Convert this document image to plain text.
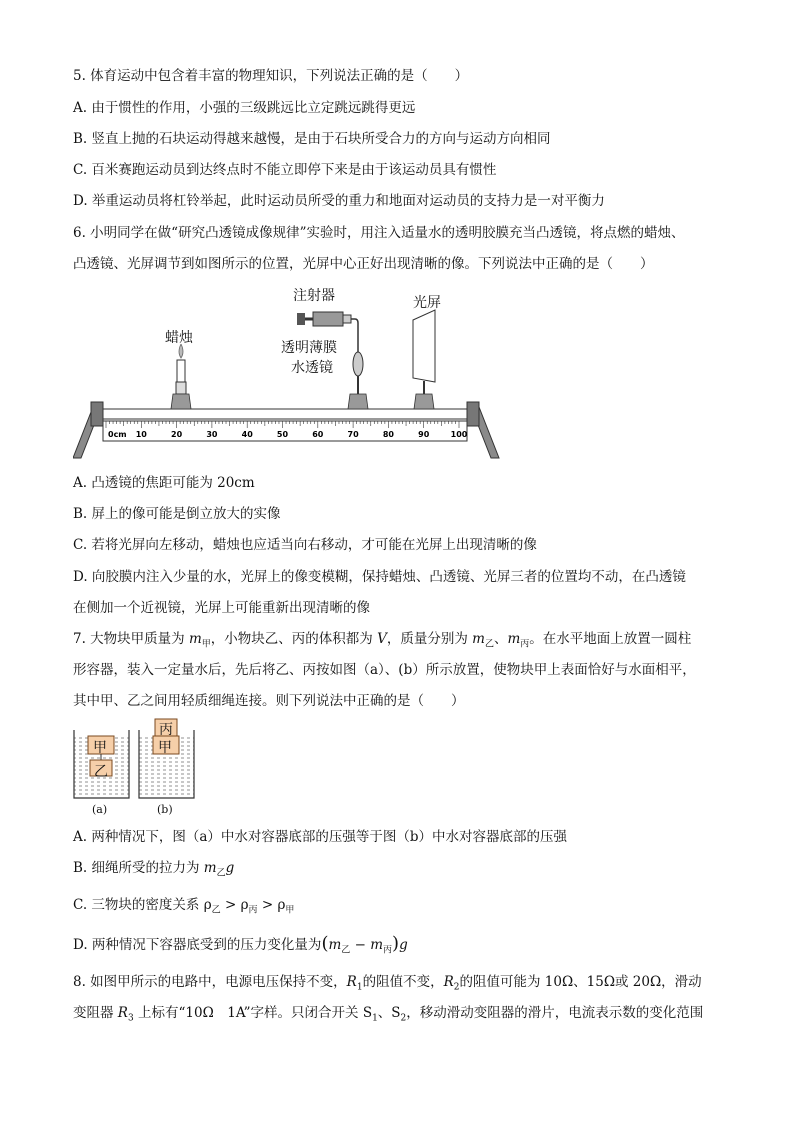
5. 体育运动中包含着丰富的物理知识，下列说法正确的是（　　）
A. 由于惯性的作用，小强的三级跳远比立定跳远跳得更远
B. 竖直上抛的石块运动得越来越慢，是由于石块所受合力的方向与运动方向相同
C. 百米赛跑运动员到达终点时不能立即停下来是由于该运动员具有惯性
D. 举重运动员将杠铃举起，此时运动员所受的重力和地面对运动员的支持力是一对平衡力
6. 小明同学在做“研究凸透镜成像规律”实验时，用注入适量水的透明胶膜充当凸透镜，将点燃的蜡烛、
凸透镜、光屏调节到如图所示的位置，光屏中心正好出现清晰的像。下列说法中正确的是（　　）
0cm 10	20	30	40	50	60	70	80	90	100
注射器	光屏
蜡烛
透明薄膜
水透镜
A. 凸透镜的焦距可能为 20cm
B. 屏上的像可能是倒立放大的实像
C. 若将光屏向左移动，蜡烛也应适当向右移动，才可能在光屏上出现清晰的像
D. 向胶膜内注入少量的水，光屏上的像变模糊，保持蜡烛、凸透镜、光屏三者的位置均不动，在凸透镜
在侧加一个近视镜，光屏上可能重新出现清晰的像
7. 大物块甲质量为 $m_甲$，小物块乙、丙的体积都为 V，质量分别为 $m_乙$、$m_丙$。在水平地面上放置一圆柱
形容器，装入一定量水后，先后将乙、丙按如图（a）、(b）所示放置，使物块甲上表面恰好与水面相平，
其中甲、乙之间用轻质细绳连接。则下列说法中正确的是（　　）
甲
乙
甲
丙
(a)	(b)
A. 两种情况下，图（a）中水对容器底部的压强等于图（b）中水对容器底部的压强
B. 细绳所受的拉力为 $m_乙g$
C. 三物块的密度关系 $\rho_乙 > \rho_丙 > \rho_甲$
D. 两种情况下容器底受到的压力变化量为$(m_乙 - m_丙)g$
8. 如图甲所示的电路中，电源电压保持不变，$R_1$的阻值不变，$R_2$的阻值可能为 10Ω、15Ω或 20Ω，滑动
变阻器 $R_3$ 上标有“10Ω　1A”字样。只闭合开关 $S_1$、$S_2$，移动滑动变阻器的滑片，电流表示数的变化范围
